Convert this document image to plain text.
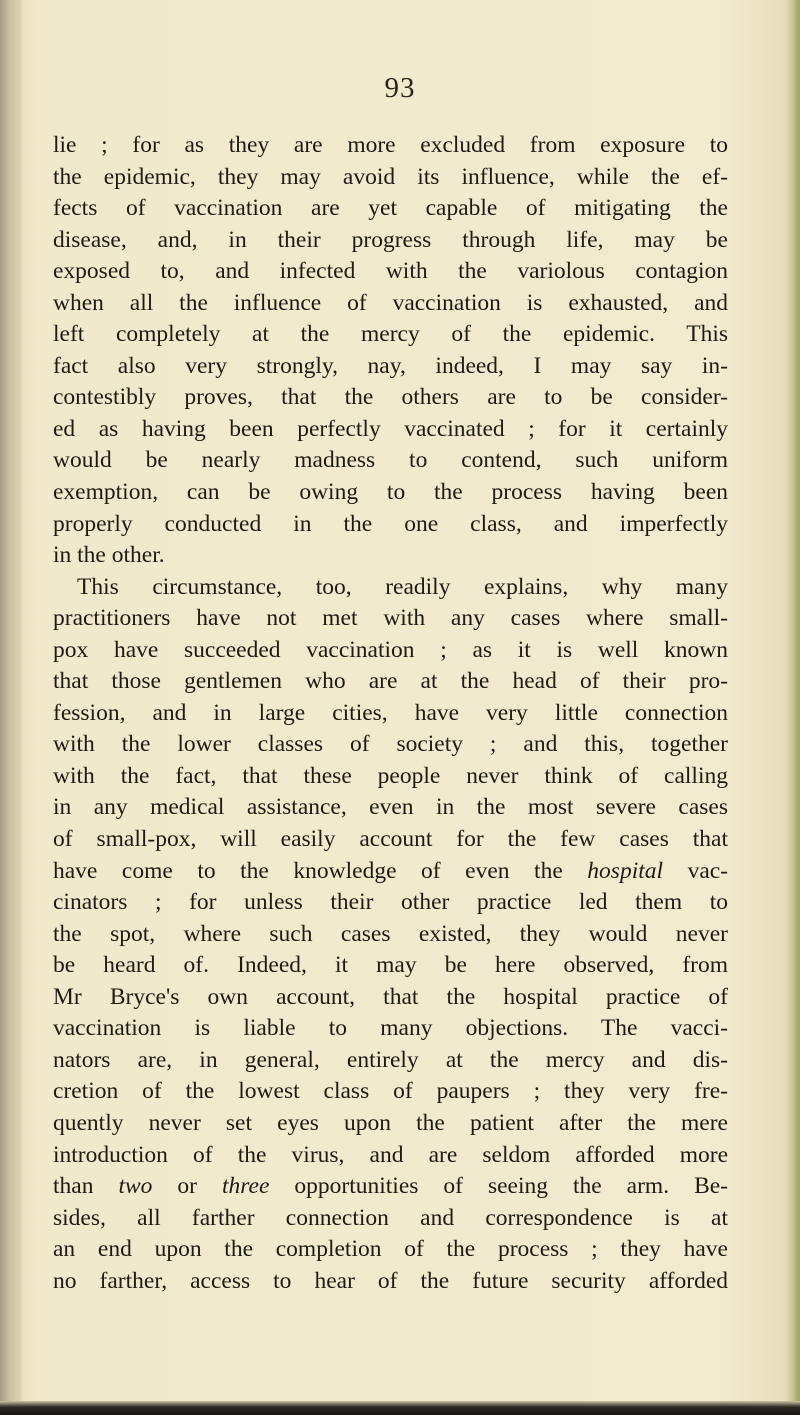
93
lie ; for as they are more excluded from exposure to
the epidemic, they may avoid its influence, while the ef-
fects of vaccination are yet capable of mitigating the
disease, and, in their progress through life, may be
exposed to, and infected with the variolous contagion
when all the influence of vaccination is exhausted, and
left completely at the mercy of the epidemic. This
fact also very strongly, nay, indeed, I may say in-
contestibly proves, that the others are to be consider-
ed as having been perfectly vaccinated ; for it certainly
would be nearly madness to contend, such uniform
exemption, can be owing to the process having been
properly conducted in the one class, and imperfectly
in the other.
This circumstance, too, readily explains, why many
practitioners have not met with any cases where small-
pox have succeeded vaccination ; as it is well known
that those gentlemen who are at the head of their pro-
fession, and in large cities, have very little connection
with the lower classes of society ; and this, together
with the fact, that these people never think of calling
in any medical assistance, even in the most severe cases
of small-pox, will easily account for the few cases that
have come to the knowledge of even the hospital vac-
cinators ; for unless their other practice led them to
the spot, where such cases existed, they would never
be heard of. Indeed, it may be here observed, from
Mr Bryce's own account, that the hospital practice of
vaccination is liable to many objections. The vacci-
nators are, in general, entirely at the mercy and dis-
cretion of the lowest class of paupers ; they very fre-
quently never set eyes upon the patient after the mere
introduction of the virus, and are seldom afforded more
than two or three opportunities of seeing the arm. Be-
sides, all farther connection and correspondence is at
an end upon the completion of the process ; they have
no farther, access to hear of the future security afforded
